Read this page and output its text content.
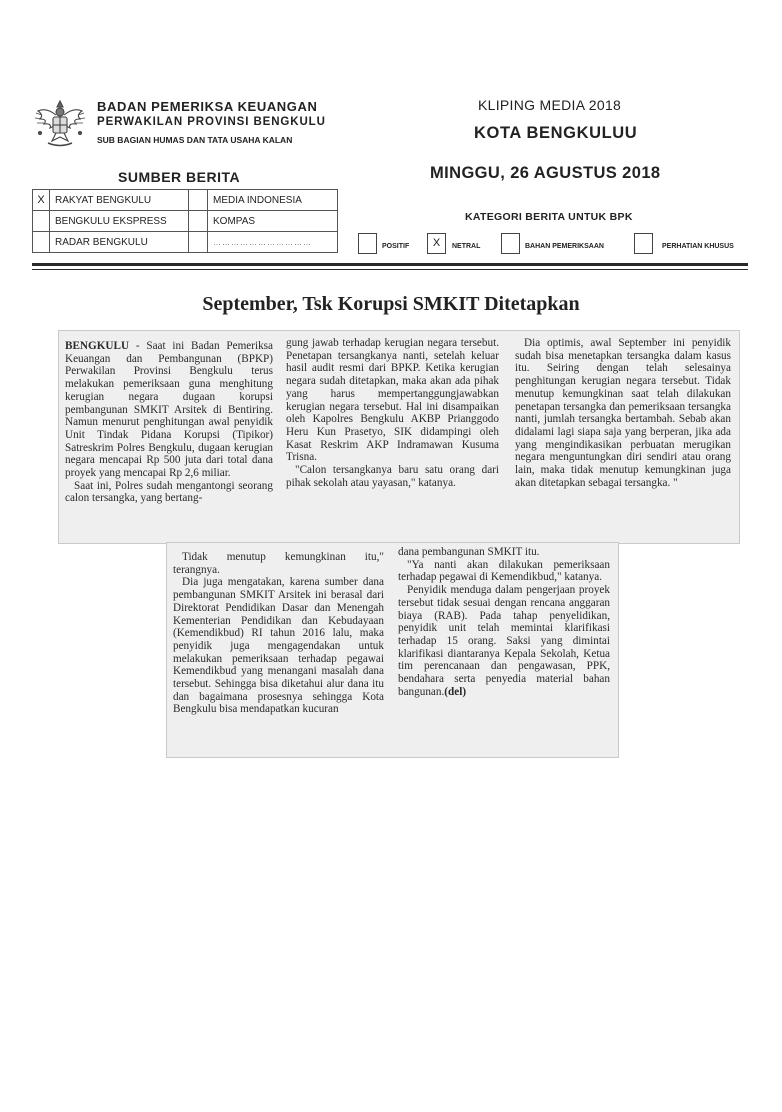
BADAN PEMERIKSA KEUANGAN
PERWAKILAN PROVINSI BENGKULU
SUB BAGIAN HUMAS DAN TATA USAHA KALAN
KLIPING MEDIA 2018
KOTA BENGKULUU
MINGGU, 26 AGUSTUS 2018
SUMBER BERITA
X	RAKYAT BENGKULU		MEDIA INDONESIA
	BENGKULU EKSPRESS		KOMPAS
	RADAR BENGKULU		……………………………
KATEGORI BERITA UNTUK BPK
POSITIF	X	NETRAL	BAHAN PEMERIKSAAN	PERHATIAN KHUSUS
September, Tsk Korupsi SMKIT Ditetapkan

BENGKULU - Saat ini Badan Pemeriksa Keuangan dan Pembangunan (BPKP) Perwakilan Provinsi Bengkulu terus melakukan pemeriksaan guna menghitung kerugian negara dugaan korupsi pembangunan SMKIT Arsitek di Bentiring. Namun menurut penghitungan awal penyidik Unit Tindak Pidana Korupsi (Tipikor) Satreskrim Polres Bengkulu, dugaan kerugian negara mencapai Rp 500 juta dari total dana proyek yang mencapai Rp 2,6 miliar.

Saat ini, Polres sudah mengantongi seorang calon tersangka, yang bertang-

gung jawab terhadap kerugian negara tersebut. Penetapan tersangkanya nanti, setelah keluar hasil audit resmi dari BPKP. Ketika kerugian negara sudah ditetapkan, maka akan ada pihak yang harus mempertanggungjawabkan kerugian negara tersebut. Hal ini disampaikan oleh Kapolres Bengkulu AKBP Prianggodo Heru Kun Prasetyo, SIK didampingi oleh Kasat Reskrim AKP Indramawan Kusuma Trisna.

"Calon tersangkanya baru satu orang dari pihak sekolah atau yayasan," katanya.

Dia optimis, awal September ini penyidik sudah bisa menetapkan tersangka dalam kasus itu. Seiring dengan telah selesainya penghitungan kerugian negara tersebut. Tidak menutup kemungkinan saat telah dilakukan penetapan tersangka dan pemeriksaan tersangka nanti, jumlah tersangka bertambah. Sebab akan didalami lagi siapa saja yang berperan, jika ada yang mengindikasikan perbuatan merugikan negara menguntungkan diri sendiri atau orang lain, maka tidak menutup kemungkinan juga akan ditetapkan sebagai tersangka. "

Tidak menutup kemungkinan itu," terangnya.

Dia juga mengatakan, karena sumber dana pembangunan SMKIT Arsitek ini berasal dari Direktorat Pendidikan Dasar dan Menengah Kementerian Pendidikan dan Kebudayaan (Kemendikbud) RI tahun 2016 lalu, maka penyidik juga mengagendakan untuk melakukan pemeriksaan terhadap pegawai Kemendikbud yang menangani masalah dana tersebut. Sehingga bisa diketahui alur dana itu dan bagaimana prosesnya sehingga Kota Bengkulu bisa mendapatkan kucuran

dana pembangunan SMKIT itu.

"Ya nanti akan dilakukan pemeriksaan terhadap pegawai di Kemendikbud," katanya.

Penyidik menduga dalam pengerjaan proyek tersebut tidak sesuai dengan rencana anggaran biaya (RAB). Pada tahap penyelidikan, penyidik unit telah memintai klarifikasi terhadap 15 orang. Saksi yang dimintai klarifikasi diantaranya Kepala Sekolah, Ketua tim perencanaan dan pengawasan, PPK, bendahara serta penyedia material bahan bangunan.(del)
